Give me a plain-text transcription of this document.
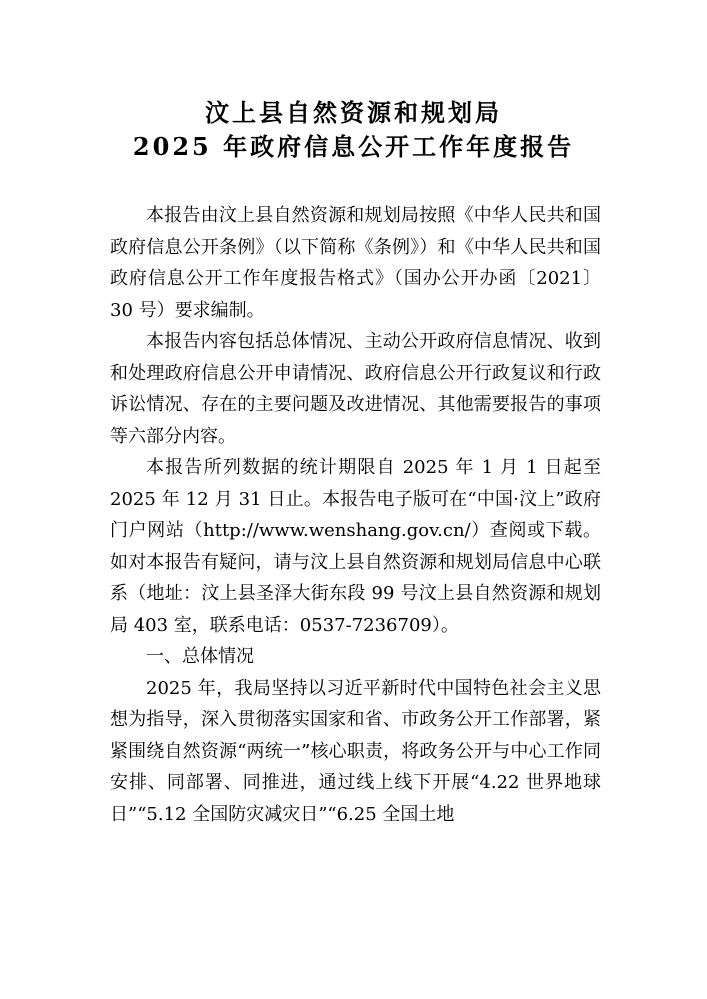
汶上县自然资源和规划局
2025 年政府信息公开工作年度报告

本报告由汶上县自然资源和规划局按照《中华人民共和国政府信息公开条例》（以下简称《条例》）和《中华人民共和国政府信息公开工作年度报告格式》（国办公开办函〔2021〕30 号）要求编制。

本报告内容包括总体情况、主动公开政府信息情况、收到和处理政府信息公开申请情况、政府信息公开行政复议和行政诉讼情况、存在的主要问题及改进情况、其他需要报告的事项等六部分内容。

本报告所列数据的统计期限自 2025 年 1 月 1 日起至 2025 年 12 月 31 日止。本报告电子版可在“中国·汶上”政府门户网站（http://www.wenshang.gov.cn/）查阅或下载。如对本报告有疑问，请与汶上县自然资源和规划局信息中心联系（地址：汶上县圣泽大街东段 99 号汶上县自然资源和规划局 403 室，联系电话：0537-7236709）。

一、总体情况

2025 年，我局坚持以习近平新时代中国特色社会主义思想为指导，深入贯彻落实国家和省、市政务公开工作部署，紧紧围绕自然资源“两统一”核心职责，将政务公开与中心工作同安排、同部署、同推进，通过线上线下开展“4.22 世界地球日”“5.12 全国防灾减灾日”“6.25 全国土地
